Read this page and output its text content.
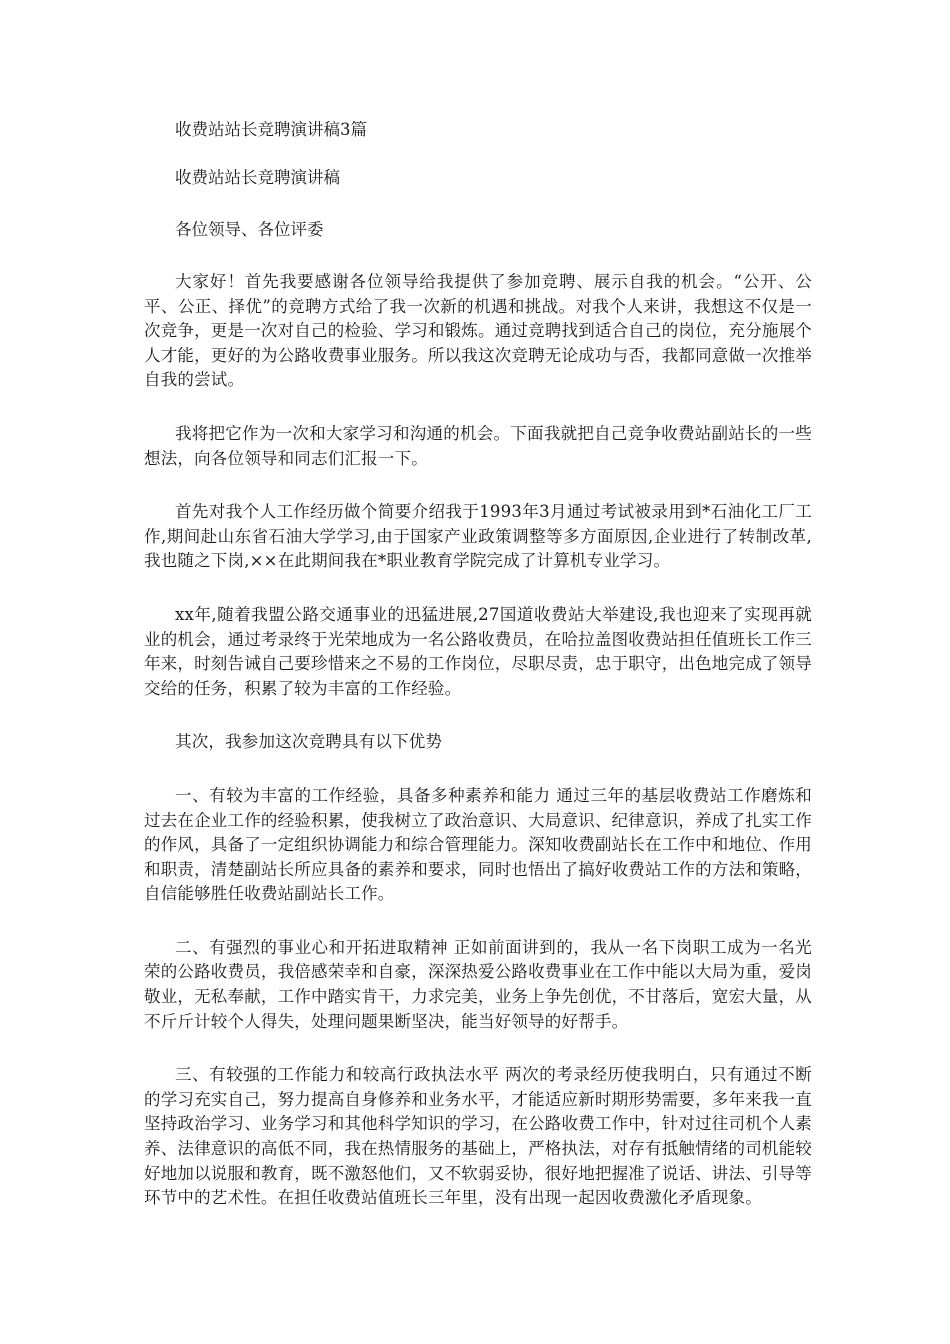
收费站站长竞聘演讲稿3篇

收费站站长竞聘演讲稿

各位领导、各位评委

大家好！首先我要感谢各位领导给我提供了参加竞聘、展示自我的机会。“公开、公平、公正、择优”的竞聘方式给了我一次新的机遇和挑战。对我个人来讲，我想这不仅是一次竞争，更是一次对自己的检验、学习和锻炼。通过竞聘找到适合自己的岗位，充分施展个人才能，更好的为公路收费事业服务。所以我这次竞聘无论成功与否，我都同意做一次推举自我的尝试。

我将把它作为一次和大家学习和沟通的机会。下面我就把自己竞争收费站副站长的一些想法，向各位领导和同志们汇报一下。

首先对我个人工作经历做个简要介绍我于1993年3月通过考试被录用到*石油化工厂工作,期间赴山东省石油大学学习,由于国家产业政策调整等多方面原因,企业进行了转制改革,我也随之下岗,××在此期间我在*职业教育学院完成了计算机专业学习。

xx年,随着我盟公路交通事业的迅猛进展,27国道收费站大举建设,我也迎来了实现再就业的机会，通过考录终于光荣地成为一名公路收费员，在哈拉盖图收费站担任值班长工作三年来，时刻告诫自己要珍惜来之不易的工作岗位，尽职尽责，忠于职守，出色地完成了领导交给的任务，积累了较为丰富的工作经验。

其次，我参加这次竞聘具有以下优势

一、有较为丰富的工作经验，具备多种素养和能力 通过三年的基层收费站工作磨炼和过去在企业工作的经验积累，使我树立了政治意识、大局意识、纪律意识，养成了扎实工作的作风，具备了一定组织协调能力和综合管理能力。深知收费副站长在工作中和地位、作用和职责，清楚副站长所应具备的素养和要求，同时也悟出了搞好收费站工作的方法和策略，自信能够胜任收费站副站长工作。

二、有强烈的事业心和开拓进取精神 正如前面讲到的，我从一名下岗职工成为一名光荣的公路收费员，我倍感荣幸和自豪，深深热爱公路收费事业在工作中能以大局为重，爱岗敬业，无私奉献，工作中踏实肯干，力求完美，业务上争先创优，不甘落后，宽宏大量，从不斤斤计较个人得失，处理问题果断坚决，能当好领导的好帮手。

三、有较强的工作能力和较高行政执法水平 两次的考录经历使我明白，只有通过不断的学习充实自己，努力提高自身修养和业务水平，才能适应新时期形势需要，多年来我一直坚持政治学习、业务学习和其他科学知识的学习，在公路收费工作中，针对过往司机个人素养、法律意识的高低不同，我在热情服务的基础上，严格执法，对存有抵触情绪的司机能较好地加以说服和教育，既不激怒他们，又不软弱妥协，很好地把握准了说话、讲法、引导等环节中的艺术性。在担任收费站值班长三年里，没有出现一起因收费激化矛盾现象。
